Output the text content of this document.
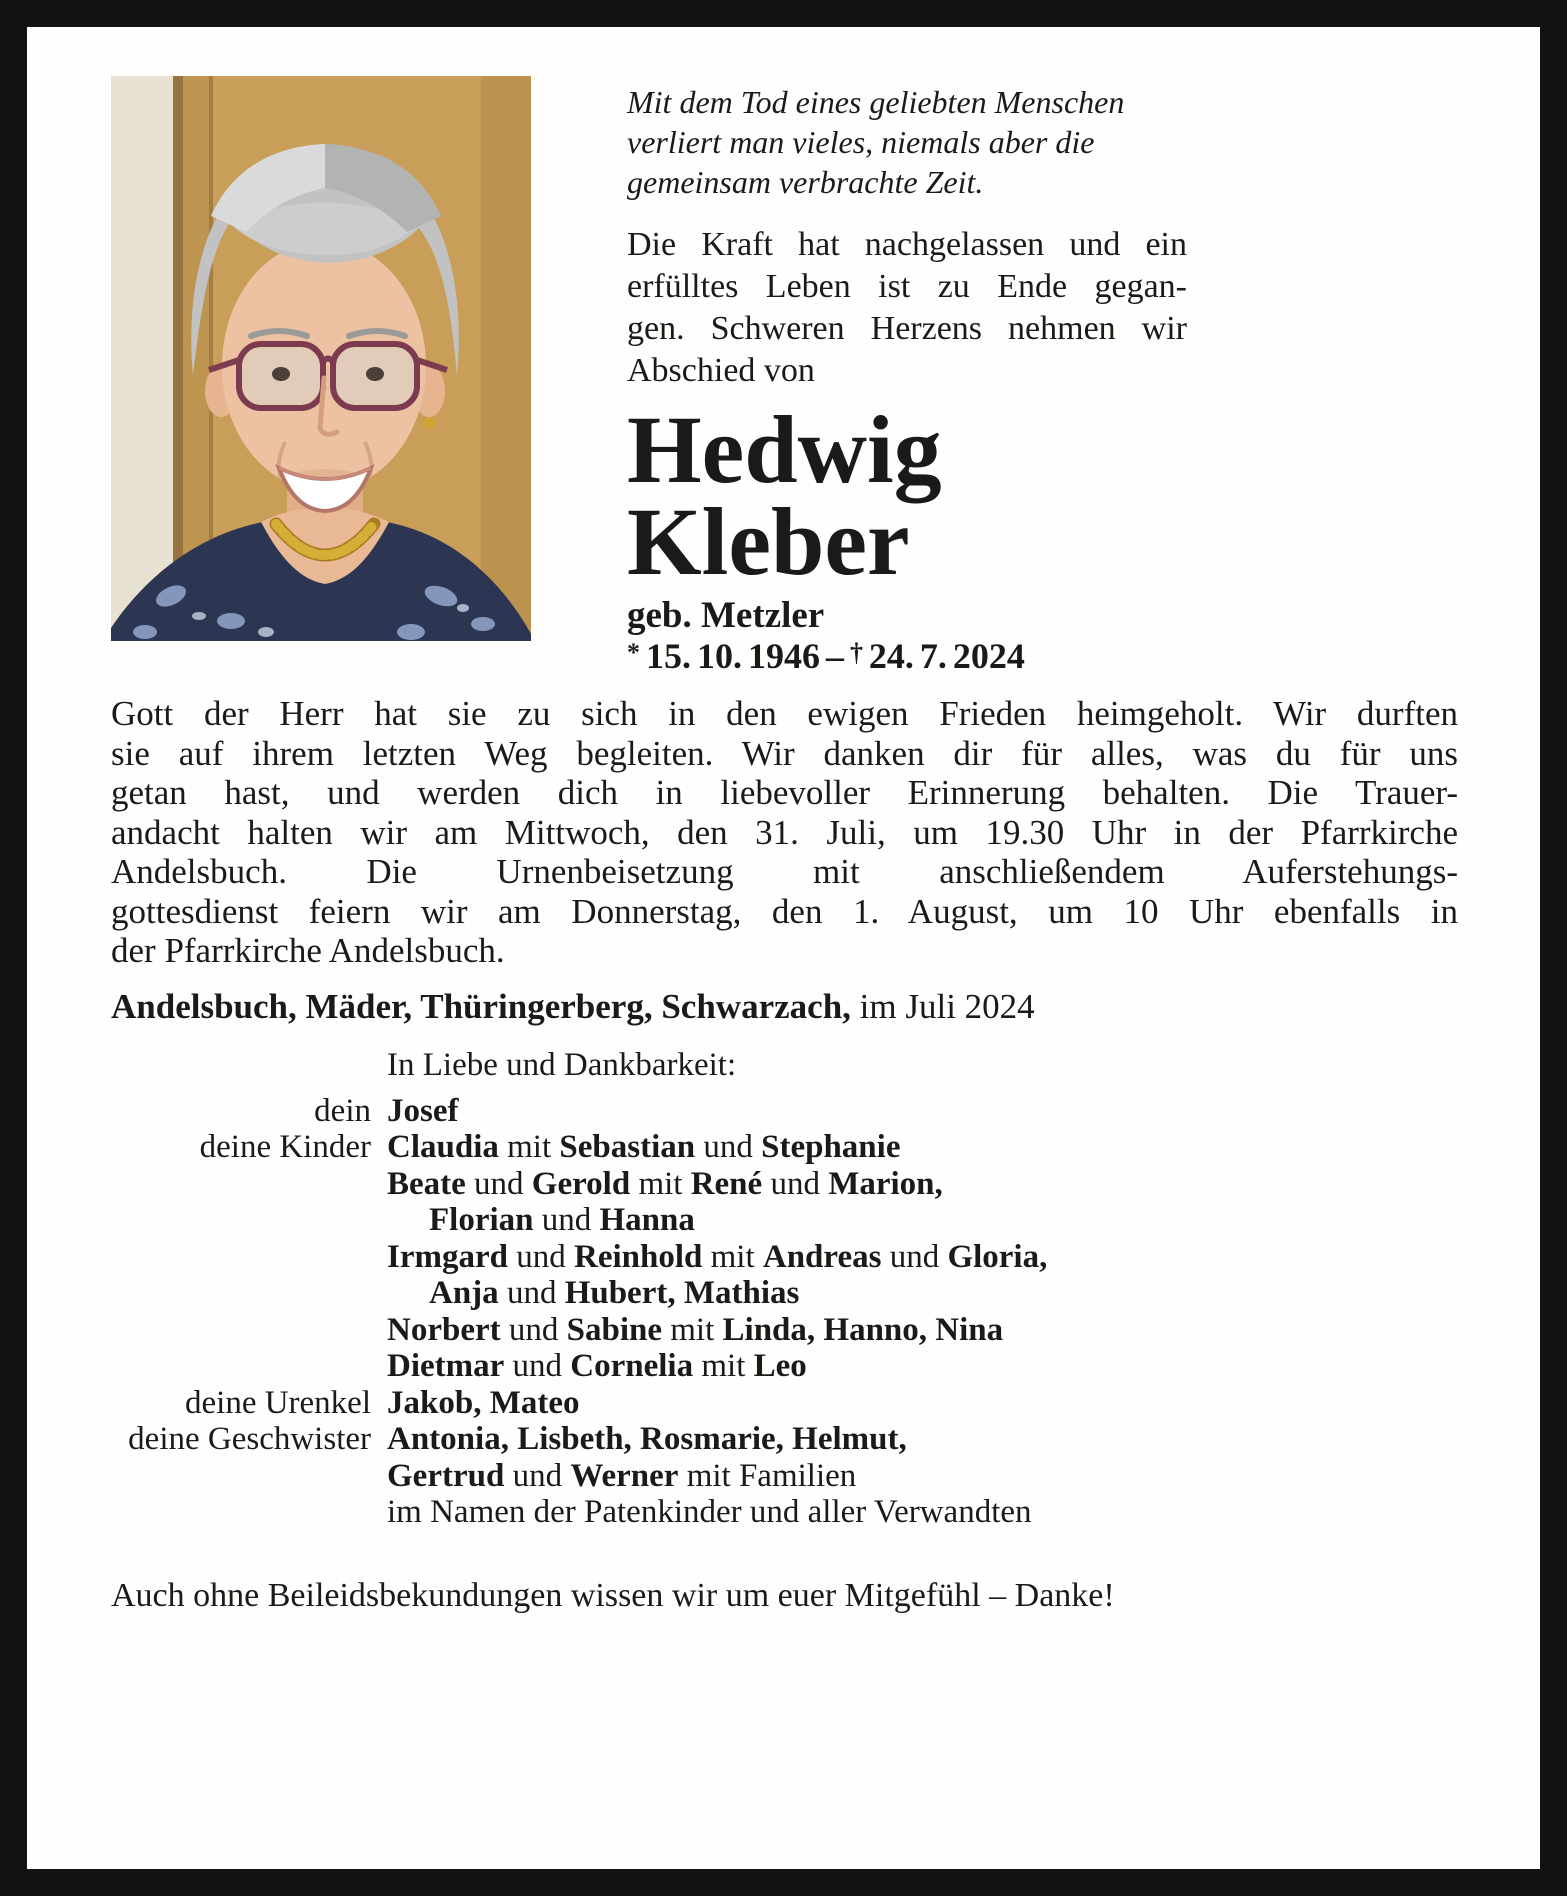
Mit dem Tod eines geliebten Menschen
verliert man vieles, niemals aber die
gemeinsam verbrachte Zeit.
Die Kraft hat nachgelassen und ein
erfülltes Leben ist zu Ende gegan-
gen. Schweren Herzens nehmen wir
Abschied von
Hedwig
Kleber
geb. Metzler
* 15. 10. 1946 – † 24. 7. 2024
Gott der Herr hat sie zu sich in den ewigen Frieden heimgeholt. Wir durften
sie auf ihrem letzten Weg begleiten. Wir danken dir für alles, was du für uns
getan hast, und werden dich in liebevoller Erinnerung behalten. Die Trauer-
andacht halten wir am Mittwoch, den 31. Juli, um 19.30 Uhr in der Pfarrkirche
Andelsbuch. Die Urnenbeisetzung mit anschließendem Auferstehungs-
gottesdienst feiern wir am Donnerstag, den 1. August, um 10 Uhr ebenfalls in
der Pfarrkirche Andelsbuch.
Andelsbuch, Mäder, Thüringerberg, Schwarzach, im Juli 2024
In Liebe und Dankbarkeit:
dein Josef
deine Kinder Claudia mit Sebastian und Stephanie
Beate und Gerold mit René und Marion,
Florian und Hanna
Irmgard und Reinhold mit Andreas und Gloria,
Anja und Hubert, Mathias
Norbert und Sabine mit Linda, Hanno, Nina
Dietmar und Cornelia mit Leo
deine Urenkel Jakob, Mateo
deine Geschwister Antonia, Lisbeth, Rosmarie, Helmut,
Gertrud und Werner mit Familien
im Namen der Patenkinder und aller Verwandten
Auch ohne Beileidsbekundungen wissen wir um euer Mitgefühl – Danke!
